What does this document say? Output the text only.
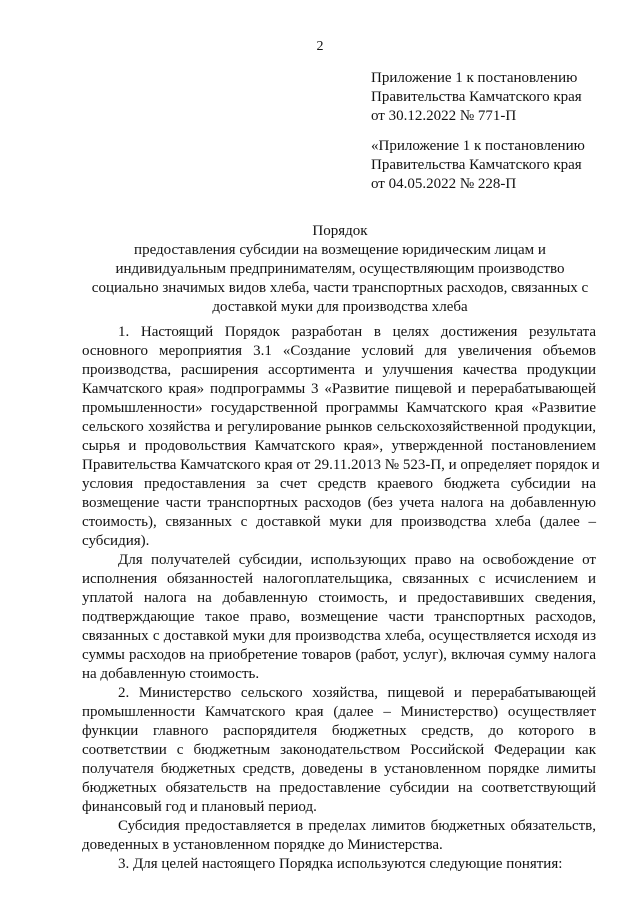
2
Приложение 1 к постановлению
Правительства Камчатского края
от 30.12.2022 № 771-П
«Приложение 1 к постановлению
Правительства Камчатского края
от 04.05.2022 № 228-П
Порядок
предоставления субсидии на возмещение юридическим лицам и
индивидуальным предпринимателям, осуществляющим производство
социально значимых видов хлеба, части транспортных расходов, связанных с
доставкой муки для производства хлеба
1. Настоящий Порядок разработан в целях достижения результата
основного мероприятия 3.1 «Создание условий для увеличения объемов
производства, расширения ассортимента и улучшения качества продукции
Камчатского края» подпрограммы 3 «Развитие пищевой и перерабатывающей
промышленности» государственной программы Камчатского края «Развитие
сельского хозяйства и регулирование рынков сельскохозяйственной продукции,
сырья и продовольствия Камчатского края», утвержденной постановлением
Правительства Камчатского края от 29.11.2013 № 523-П, и определяет порядок и
условия предоставления за счет средств краевого бюджета субсидии на
возмещение части транспортных расходов (без учета налога на добавленную
стоимость), связанных с доставкой муки для производства хлеба (далее –
субсидия).
Для получателей субсидии, использующих право на освобождение от
исполнения обязанностей налогоплательщика, связанных с исчислением и
уплатой налога на добавленную стоимость, и предоставивших сведения,
подтверждающие такое право, возмещение части транспортных расходов,
связанных с доставкой муки для производства хлеба, осуществляется исходя из
суммы расходов на приобретение товаров (работ, услуг), включая сумму налога
на добавленную стоимость.
2. Министерство сельского хозяйства, пищевой и перерабатывающей
промышленности Камчатского края (далее – Министерство) осуществляет
функции главного распорядителя бюджетных средств, до которого в
соответствии с бюджетным законодательством Российской Федерации как
получателя бюджетных средств, доведены в установленном порядке лимиты
бюджетных обязательств на предоставление субсидии на соответствующий
финансовый год и плановый период.
Субсидия предоставляется в пределах лимитов бюджетных обязательств,
доведенных в установленном порядке до Министерства.
3. Для целей настоящего Порядка используются следующие понятия:
